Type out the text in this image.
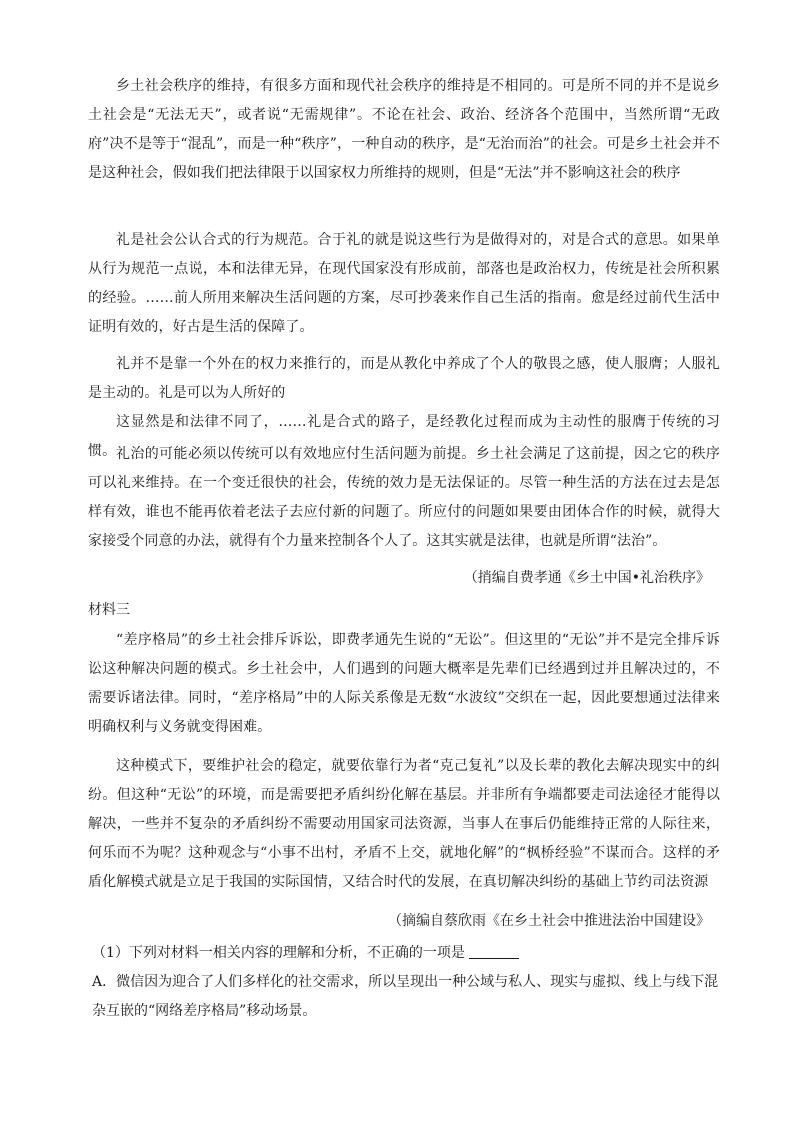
乡土社会秩序的维持，有很多方面和现代社会秩序的维持是不相同的。可是所不同的并不是说乡土社会是“无法无天”，或者说“无需规律”。不论在社会、政治、经济各个范围中，当然所谓“无政府”决不是等于“混乱”，而是一种“秩序”，一种自动的秩序，是“无治而治”的社会。可是乡土社会并不是这种社会，假如我们把法律限于以国家权力所维持的规则，但是“无法”并不影响这社会的秩序
礼是社会公认合式的行为规范。合于礼的就是说这些行为是做得对的，对是合式的意思。如果单从行为规范一点说，本和法律无异，在现代国家没有形成前，部落也是政治权力，传统是社会所积累的经验。……前人所用来解决生活问题的方案，尽可抄袭来作自己生活的指南。愈是经过前代生活中证明有效的，好古是生活的保障了。
礼并不是靠一个外在的权力来推行的，而是从教化中养成了个人的敬畏之感，使人服膺；人服礼是主动的。礼是可以为人所好的
这显然是和法律不同了，……礼是合式的路子，是经教化过程而成为主动性的服膺于传统的习惯。 礼治的可能必须以传统可以有效地应付生活问题为前提。乡土社会满足了这前提，因之它的秩序可以礼来维持。在一个变迁很快的社会，传统的效力是无法保证的。尽管一种生活的方法在过去是怎样有效，谁也不能再依着老法子去应付新的问题了。所应付的问题如果要由团体合作的时候，就得大家接受个同意的办法，就得有个力量来控制各个人了。这其实就是法律，也就是所谓“法治”。
（捎编自费孝通《乡土中国•礼治秩序》
材料三
“差序格局”的乡土社会排斥诉讼，即费孝通先生说的“无讼”。但这里的“无讼”并不是完全排斥诉讼这种解决问题的模式。乡土社会中，人们遇到的问题大概率是先辈们已经遇到过并且解决过的，不需要诉诸法律。同时，“差序格局”中的人际关系像是无数“水波纹”交织在一起，因此要想通过法律来明确权利与义务就变得困难。
这种模式下，要维护社会的稳定，就要依靠行为者“克己复礼”以及长辈的教化去解决现实中的纠纷。但这种“无讼”的环境，而是需要把矛盾纠纷化解在基层。并非所有争端都要走司法途径才能得以解决，一些并不复杂的矛盾纠纷不需要动用国家司法资源，当事人在事后仍能维持正常的人际往来，何乐而不为呢？这种观念与“小事不出村，矛盾不上交，就地化解”的“枫桥经验”不谋而合。这样的矛盾化解模式就是立足于我国的实际国情，又结合时代的发展，在真切解决纠纷的基础上节约司法资源
（摘编自蔡欣雨《在乡土社会中推进法治中国建设》
（1）下列对材料一相关内容的理解和分析，不正确的一项是
A．微信因为迎合了人们多样化的社交需求，所以呈现出一种公域与私人、现实与虚拟、线上与线下混杂互嵌的“网络差序格局”移动场景。
